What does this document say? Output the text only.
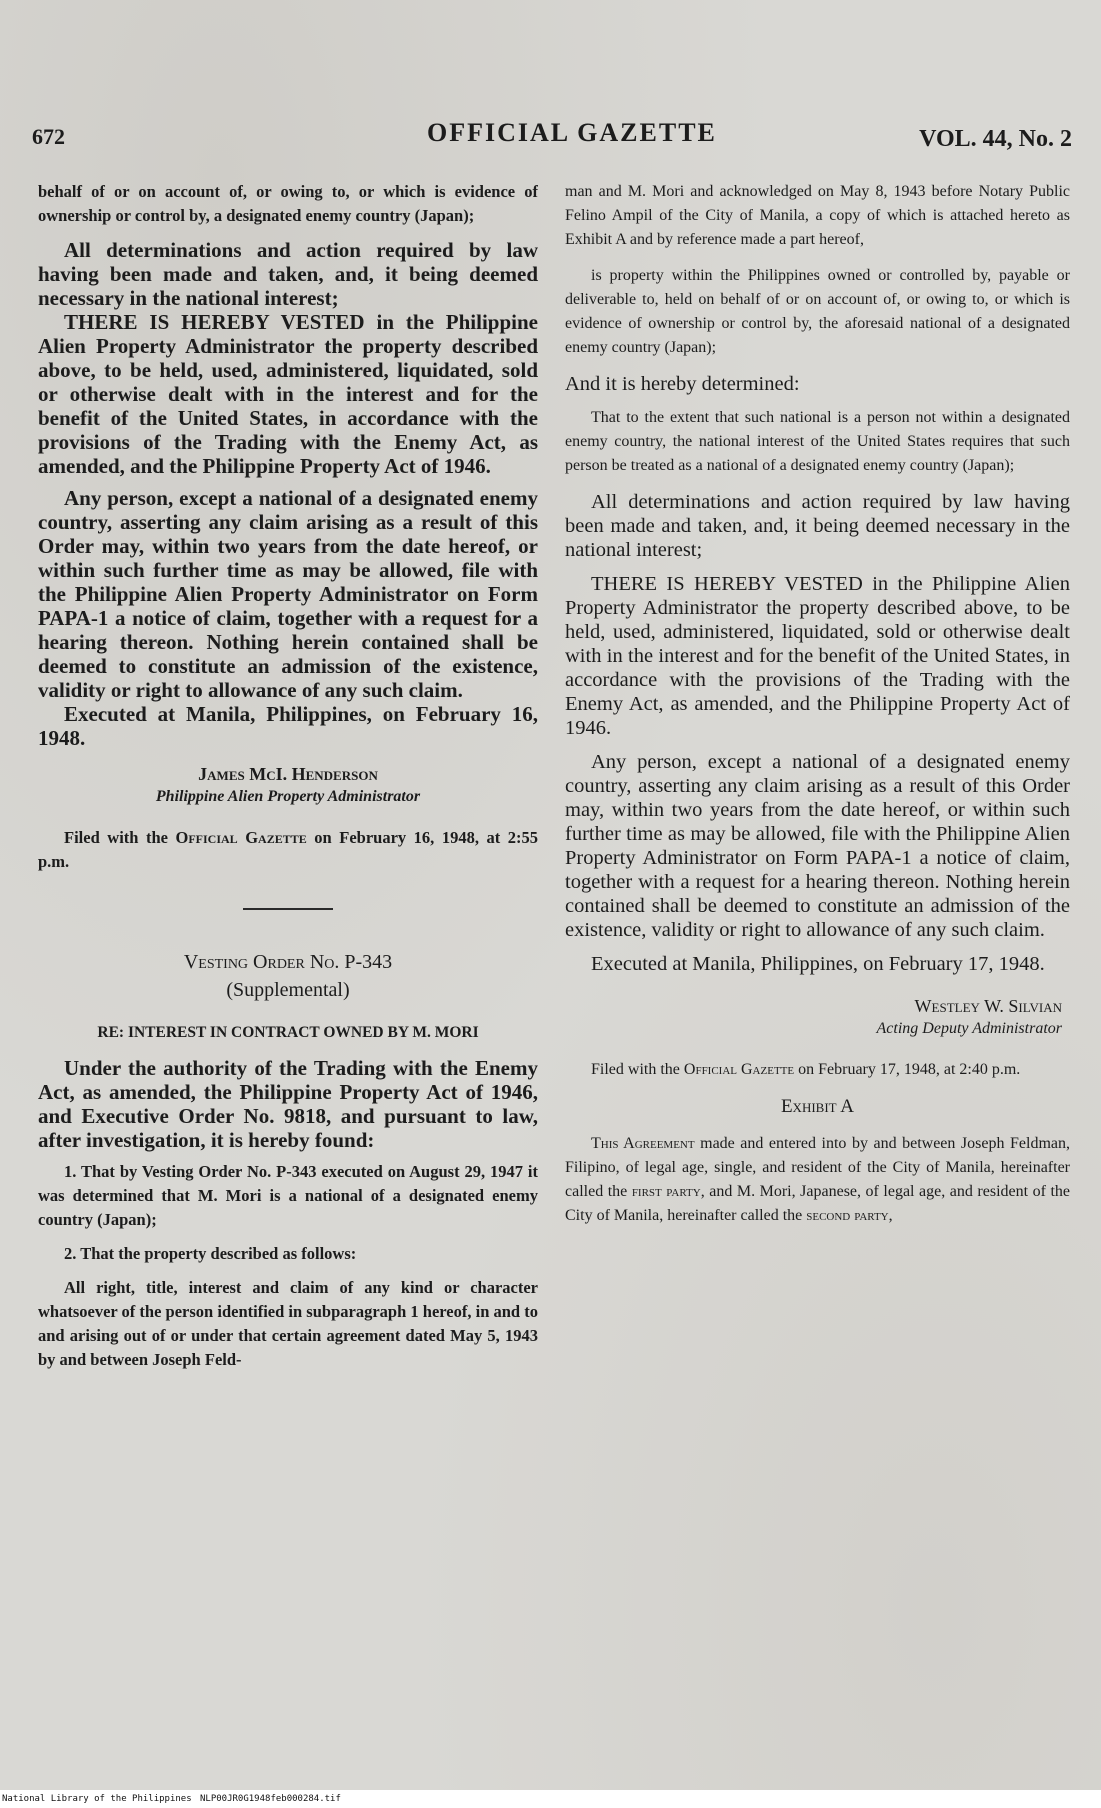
672	OFFICIAL GAZETTE	VOL. 44, No. 2

behalf of or on account of, or owing to, or which is evidence of ownership or control by, a designated enemy country (Japan);

All determinations and action required by law having been made and taken, and, it being deemed necessary in the national interest;

THERE IS HEREBY VESTED in the Philippine Alien Property Administrator the property described above, to be held, used, administered, liquidated, sold or otherwise dealt with in the interest and for the benefit of the United States, in accordance with the provisions of the Trading with the Enemy Act, as amended, and the Philippine Property Act of 1946.

Any person, except a national of a designated enemy country, asserting any claim arising as a result of this Order may, within two years from the date hereof, or within such further time as may be allowed, file with the Philippine Alien Property Administrator on Form PAPA-1 a notice of claim, together with a request for a hearing thereon. Nothing herein contained shall be deemed to constitute an admission of the existence, validity or right to allowance of any such claim.

Executed at Manila, Philippines, on February 16, 1948.

James McI. Henderson
Philippine Alien Property Administrator

Filed with the Official Gazette on February 16, 1948, at 2:55 p.m.

Vesting Order No. P-343
(Supplemental)
RE: INTEREST IN CONTRACT OWNED BY M. MORI

Under the authority of the Trading with the Enemy Act, as amended, the Philippine Property Act of 1946, and Executive Order No. 9818, and pursuant to law, after investigation, it is hereby found:

1. That by Vesting Order No. P-343 executed on August 29, 1947 it was determined that M. Mori is a national of a designated enemy country (Japan);

2. That the property described as follows:

All right, title, interest and claim of any kind or character whatsoever of the person identified in subparagraph 1 hereof, in and to and arising out of or under that certain agreement dated May 5, 1943 by and between Joseph Feld-

man and M. Mori and acknowledged on May 8, 1943 before Notary Public Felino Ampil of the City of Manila, a copy of which is attached hereto as Exhibit A and by reference made a part hereof,

is property within the Philippines owned or controlled by, payable or deliverable to, held on behalf of or on account of, or owing to, or which is evidence of ownership or control by, the aforesaid national of a designated enemy country (Japan);

And it is hereby determined:

That to the extent that such national is a person not within a designated enemy country, the national interest of the United States requires that such person be treated as a national of a designated enemy country (Japan);

All determinations and action required by law having been made and taken, and, it being deemed necessary in the national interest;

THERE IS HEREBY VESTED in the Philippine Alien Property Administrator the property described above, to be held, used, administered, liquidated, sold or otherwise dealt with in the interest and for the benefit of the United States, in accordance with the provisions of the Trading with the Enemy Act, as amended, and the Philippine Property Act of 1946.

Any person, except a national of a designated enemy country, asserting any claim arising as a result of this Order may, within two years from the date hereof, or within such further time as may be allowed, file with the Philippine Alien Property Administrator on Form PAPA-1 a notice of claim, together with a request for a hearing thereon. Nothing herein contained shall be deemed to constitute an admission of the existence, validity or right to allowance of any such claim.

Executed at Manila, Philippines, on February 17, 1948.

Westley W. Silvian
Acting Deputy Administrator

Filed with the Official Gazette on February 17, 1948, at 2:40 p.m.

Exhibit A

This Agreement made and entered into by and between Joseph Feldman, Filipino, of legal age, single, and resident of the City of Manila, hereinafter called the first party, and M. Mori, Japanese, of legal age, and resident of the City of Manila, hereinafter called the second party,

National Library of the Philippines NLP00JR0G1948feb000284.tif
